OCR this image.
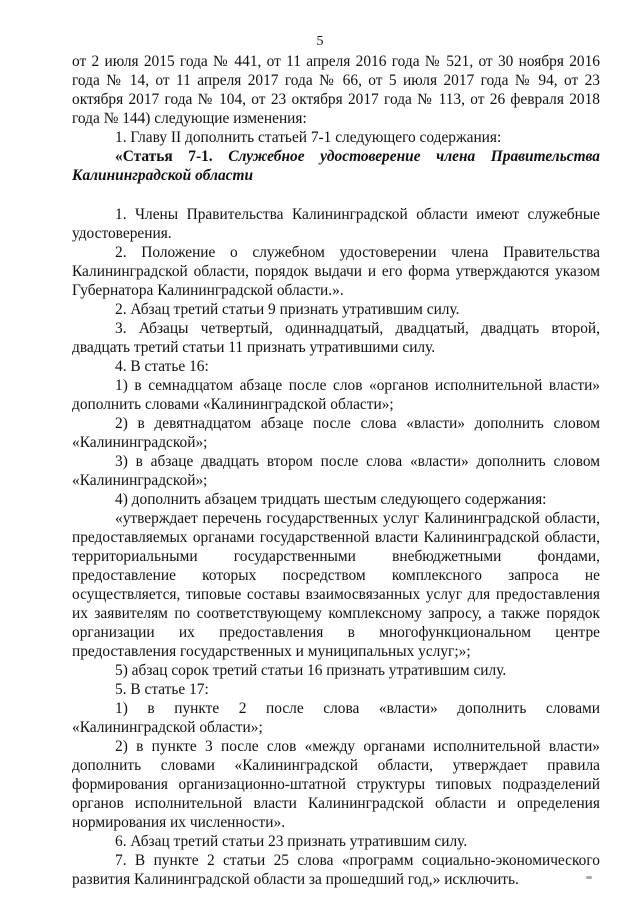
5

от 2 июля 2015 года № 441, от 11 апреля 2016 года № 521, от 30 ноября 2016 года № 14, от 11 апреля 2017 года № 66, от 5 июля 2017 года № 94, от 23 октября 2017 года № 104, от 23 октября 2017 года № 113, от 26 февраля 2018 года № 144) следующие изменения:

1. Главу II дополнить статьей 7-1 следующего содержания:

«Статья 7-1. Служебное удостоверение члена Правительства Калининградской области

1. Члены Правительства Калининградской области имеют служебные удостоверения.

2. Положение о служебном удостоверении члена Правительства Калининградской области, порядок выдачи и его форма утверждаются указом Губернатора Калининградской области.».

2. Абзац третий статьи 9 признать утратившим силу.

3. Абзацы четвертый, одиннадцатый, двадцатый, двадцать второй, двадцать третий статьи 11 признать утратившими силу.

4. В статье 16:

1) в семнадцатом абзаце после слов «органов исполнительной власти» дополнить словами «Калининградской области»;

2) в девятнадцатом абзаце после слова «власти» дополнить словом «Калининградской»;

3) в абзаце двадцать втором после слова «власти» дополнить словом «Калининградской»;

4) дополнить абзацем тридцать шестым следующего содержания:

«утверждает перечень государственных услуг Калининградской области, предоставляемых органами государственной власти Калининградской области, территориальными государственными внебюджетными фондами, предоставление которых посредством комплексного запроса не осуществляется, типовые составы взаимосвязанных услуг для предоставления их заявителям по соответствующему комплексному запросу, а также порядок организации их предоставления в многофункциональном центре предоставления государственных и муниципальных услуг;»;

5) абзац сорок третий статьи 16 признать утратившим силу.

5. В статье 17:

1) в пункте 2 после слова «власти» дополнить словами «Калининградской области»;

2) в пункте 3 после слов «между органами исполнительной власти» дополнить словами «Калининградской области, утверждает правила формирования организационно-штатной структуры типовых подразделений органов исполнительной власти Калининградской области и определения нормирования их численности».

6. Абзац третий статьи 23 признать утратившим силу.

7. В пункте 2 статьи 25 слова «программ социально-экономического развития Калининградской области за прошедший год,» исключить.
